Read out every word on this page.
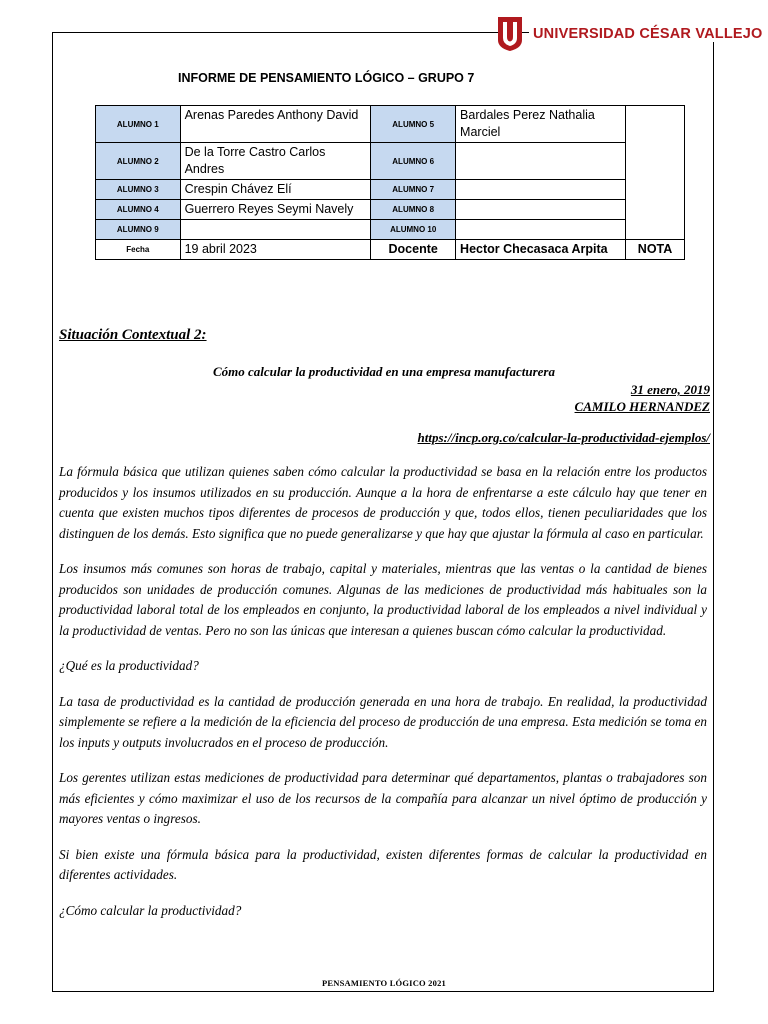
UNIVERSIDAD CÉSAR VALLEJO
INFORME DE PENSAMIENTO LÓGICO – GRUPO 7
ALUMNO 1	Arenas Paredes Anthony David	ALUMNO 5	Bardales Perez Nathalia Marciel	
ALUMNO 2	De la Torre Castro Carlos Andres	ALUMNO 6		
ALUMNO 3	Crespin Chávez Elí	ALUMNO 7		
ALUMNO 4	Guerrero Reyes Seymi Navely	ALUMNO 8		
ALUMNO 9		ALUMNO 10		
Fecha	19 abril 2023	Docente	Hector Checasaca Arpita	NOTA
Situación Contextual 2:
Cómo calcular la productividad en una empresa manufacturera
31 enero, 2019
CAMILO HERNANDEZ
https://incp.org.co/calcular-la-productividad-ejemplos/

La fórmula básica que utilizan quienes saben cómo calcular la productividad se basa en la relación entre los productos producidos y los insumos utilizados en su producción. Aunque a la hora de enfrentarse a este cálculo hay que tener en cuenta que existen muchos tipos diferentes de procesos de producción y que, todos ellos, tienen peculiaridades que los distinguen de los demás. Esto significa que no puede generalizarse y que hay que ajustar la fórmula al caso en particular.

Los insumos más comunes son horas de trabajo, capital y materiales, mientras que las ventas o la cantidad de bienes producidos son unidades de producción comunes. Algunas de las mediciones de productividad más habituales son la productividad laboral total de los empleados en conjunto, la productividad laboral de los empleados a nivel individual y la productividad de ventas. Pero no son las únicas que interesan a quienes buscan cómo calcular la productividad.

¿Qué es la productividad?

La tasa de productividad es la cantidad de producción generada en una hora de trabajo. En realidad, la productividad simplemente se refiere a la medición de la eficiencia del proceso de producción de una empresa. Esta medición se toma en los inputs y outputs involucrados en el proceso de producción.

Los gerentes utilizan estas mediciones de productividad para determinar qué departamentos, plantas o trabajadores son más eficientes y cómo maximizar el uso de los recursos de la compañía para alcanzar un nivel óptimo de producción y mayores ventas o ingresos.

Si bien existe una fórmula básica para la productividad, existen diferentes formas de calcular la productividad en diferentes actividades.

¿Cómo calcular la productividad?

PENSAMIENTO LÓGICO 2021
